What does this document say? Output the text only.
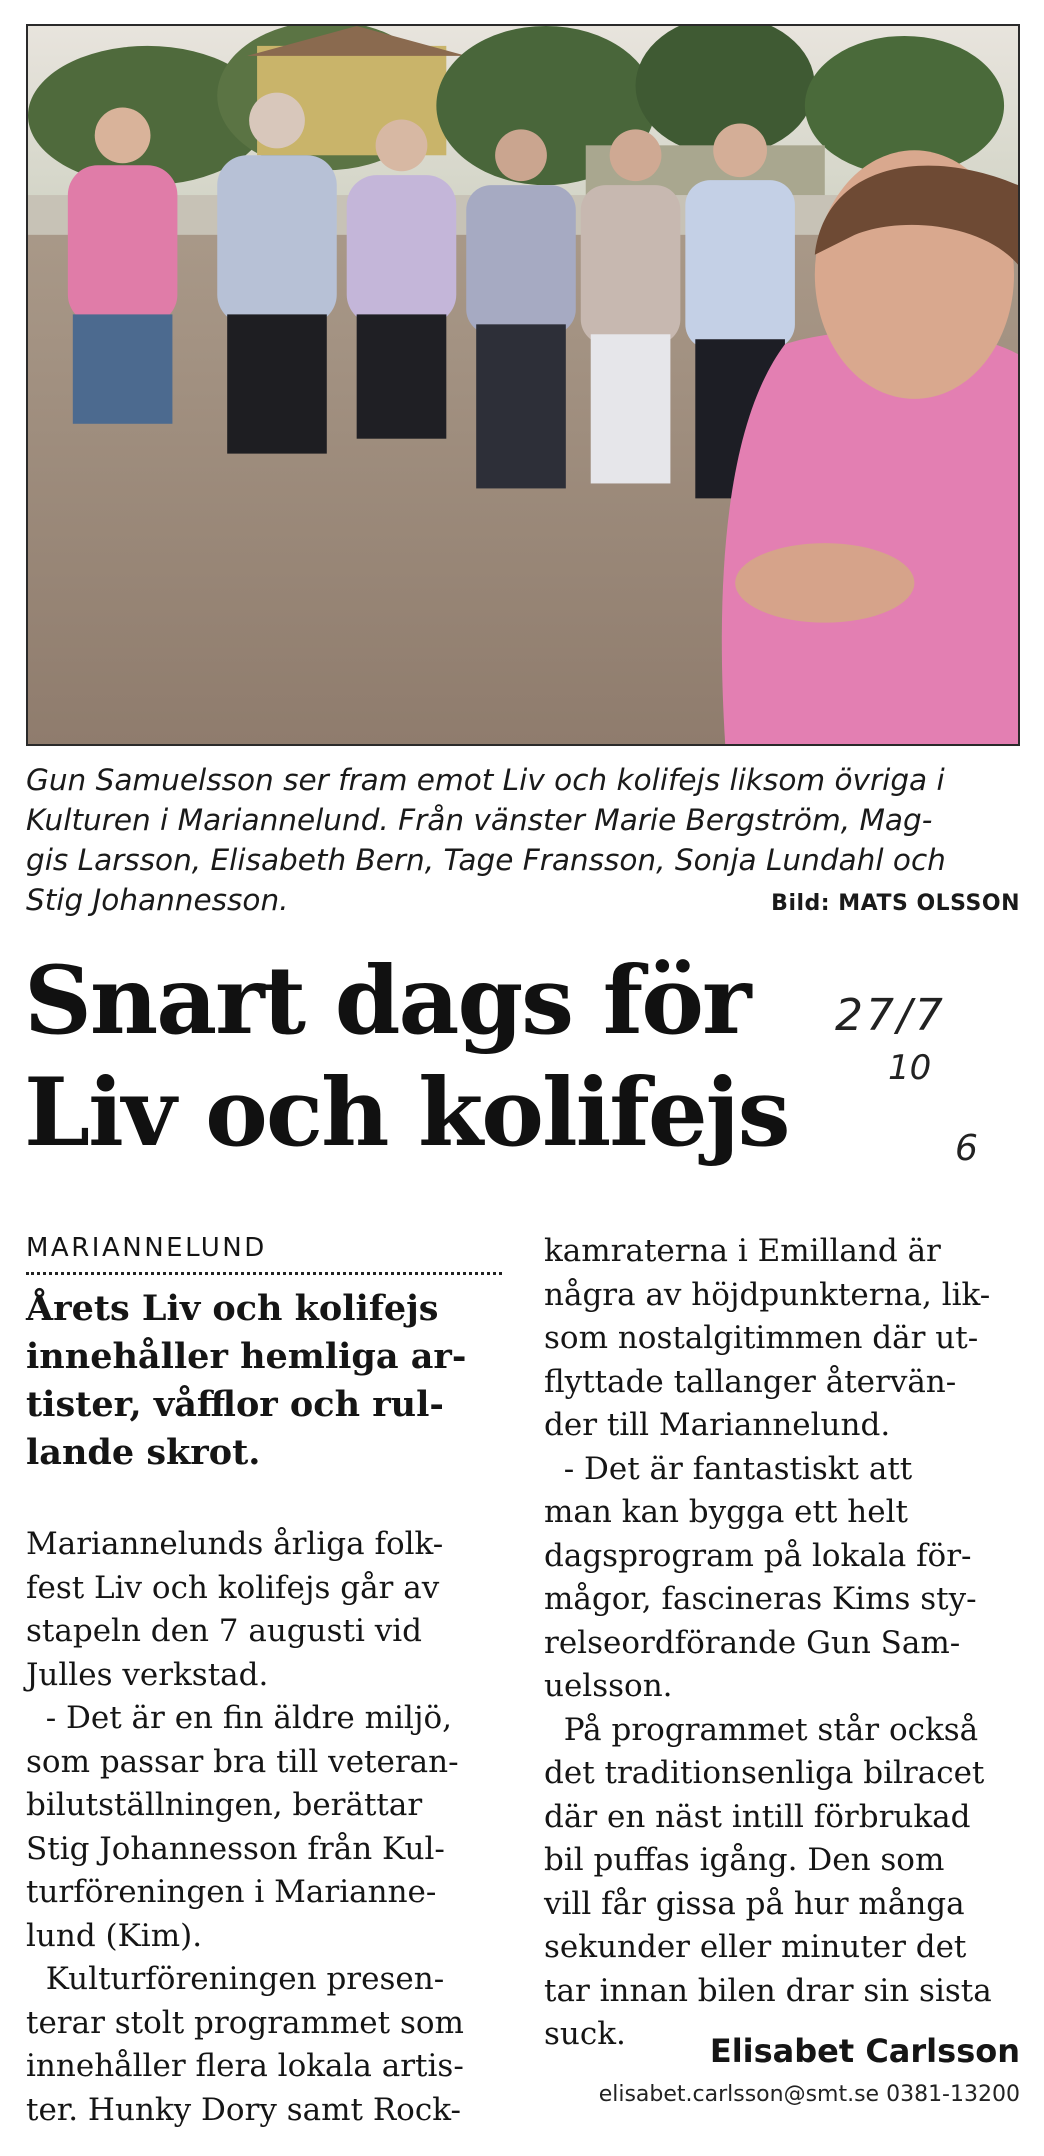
Gun Samuelsson ser fram emot Liv och kolifejs liksom övriga i
Kulturen i Mariannelund. Från vänster Marie Bergström, Mag-
gis Larsson, Elisabeth Bern, Tage Fransson, Sonja Lundahl och
Stig Johannesson.	Bild: MATS OLSSON
Snart dags för
Liv och kolifejs
27/7
10
6
MARIANNELUND
Årets Liv och kolifejs
innehåller hemliga ar-
tister, våfflor och rul-
lande skrot.
Mariannelunds årliga folk-
fest Liv och kolifejs går av
stapeln den 7 augusti vid
Julles verkstad.
- Det är en fin äldre miljö,
som passar bra till veteran-
bilutställningen, berättar
Stig Johannesson från Kul-
turföreningen i Marianne-
lund (Kim).
Kulturföreningen presen-
terar stolt programmet som
innehåller flera lokala artis-
ter. Hunky Dory samt Rock-
kamraterna i Emilland är
några av höjdpunkterna, lik-
som nostalgitimmen där ut-
flyttade tallanger återvän-
der till Mariannelund.
- Det är fantastiskt att
man kan bygga ett helt
dagsprogram på lokala för-
mågor, fascineras Kims sty-
relseordförande Gun Sam-
uelsson.
På programmet står också
det traditionsenliga bilracet
där en näst intill förbrukad
bil puffas igång. Den som
vill får gissa på hur många
sekunder eller minuter det
tar innan bilen drar sin sista
suck.	Elisabet Carlsson
elisabet.carlsson@smt.se 0381-13200
